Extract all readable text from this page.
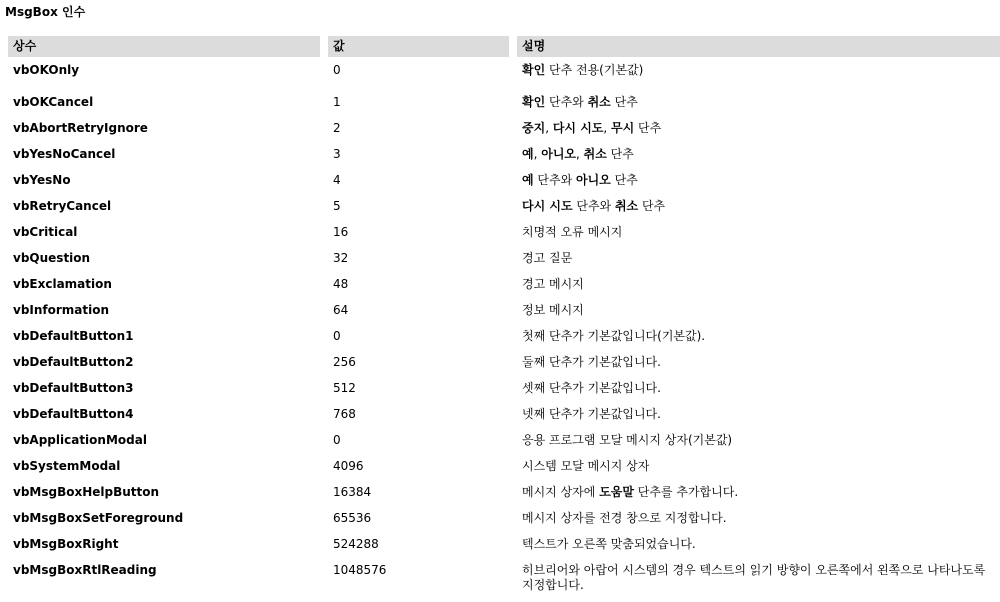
MsgBox 인수
상수	값	설명
vbOKOnly	0	확인 단추 전용(기본값)
vbOKCancel	1	확인 단추와 취소 단추
vbAbortRetryIgnore	2	중지, 다시 시도, 무시 단추
vbYesNoCancel	3	예, 아니오, 취소 단추
vbYesNo	4	예 단추와 아니오 단추
vbRetryCancel	5	다시 시도 단추와 취소 단추
vbCritical	16	치명적 오류 메시지
vbQuestion	32	경고 질문
vbExclamation	48	경고 메시지
vbInformation	64	정보 메시지
vbDefaultButton1	0	첫째 단추가 기본값입니다(기본값).
vbDefaultButton2	256	둘째 단추가 기본값입니다.
vbDefaultButton3	512	셋째 단추가 기본값입니다.
vbDefaultButton4	768	넷째 단추가 기본값입니다.
vbApplicationModal	0	응용 프로그램 모달 메시지 상자(기본값)
vbSystemModal	4096	시스템 모달 메시지 상자
vbMsgBoxHelpButton	16384	메시지 상자에 도움말 단추를 추가합니다.
vbMsgBoxSetForeground	65536	메시지 상자를 전경 창으로 지정합니다.
vbMsgBoxRight	524288	텍스트가 오른쪽 맞춤되었습니다.
vbMsgBoxRtlReading	1048576	히브리어와 아랍어 시스템의 경우 텍스트의 읽기 방향이 오른쪽에서 왼쪽으로 나타나도록 지정합니다.
